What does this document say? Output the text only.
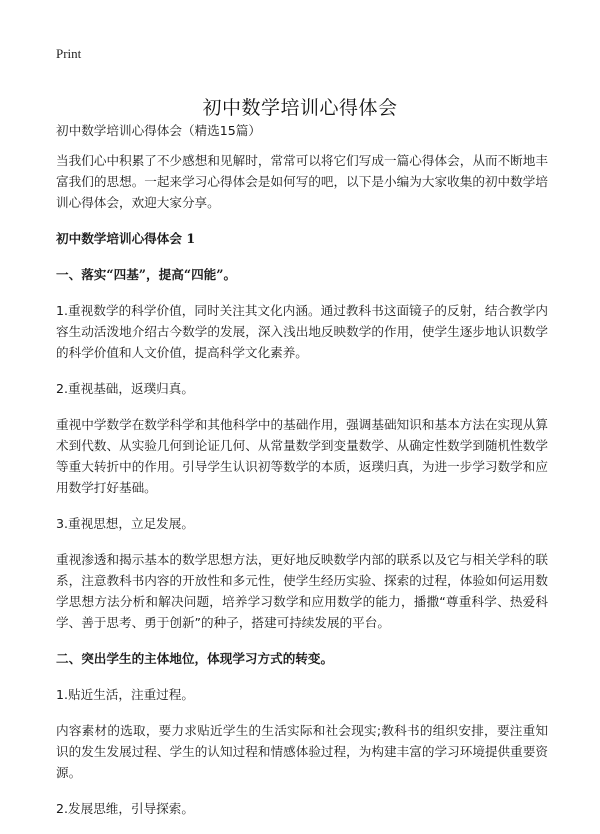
Print
初中数学培训心得体会

初中数学培训心得体会（精选15篇）

当我们心中积累了不少感想和见解时，常常可以将它们写成一篇心得体会，从而不断地丰富我们的思想。一起来学习心得体会是如何写的吧，以下是小编为大家收集的初中数学培训心得体会，欢迎大家分享。

初中数学培训心得体会 1

一、落实“四基”，提高“四能”。

1.重视数学的科学价值，同时关注其文化内涵。通过教科书这面镜子的反射，结合教学内容生动活泼地介绍古今数学的发展，深入浅出地反映数学的作用，使学生逐步地认识数学的科学价值和人文价值，提高科学文化素养。

2.重视基础，返璞归真。

重视中学数学在数学科学和其他科学中的基础作用，强调基础知识和基本方法在实现从算术到代数、从实验几何到论证几何、从常量数学到变量数学、从确定性数学到随机性数学等重大转折中的作用。引导学生认识初等数学的本质，返璞归真，为进一步学习数学和应用数学打好基础。

3.重视思想，立足发展。

重视渗透和揭示基本的数学思想方法，更好地反映数学内部的联系以及它与相关学科的联系，注意教科书内容的开放性和多元性，使学生经历实验、探索的过程，体验如何运用数学思想方法分析和解决问题，培养学习数学和应用数学的能力，播撒“尊重科学、热爱科学、善于思考、勇于创新”的种子，搭建可持续发展的平台。

二、突出学生的主体地位，体现学习方式的转变。

1.贴近生活，注重过程。

内容素材的选取，要力求贴近学生的生活实际和社会现实;教科书的组织安排，要注重知识的发生发展过程、学生的认知过程和情感体验过程，为构建丰富的学习环境提供重要资源。

2.发展思维，引导探索。
